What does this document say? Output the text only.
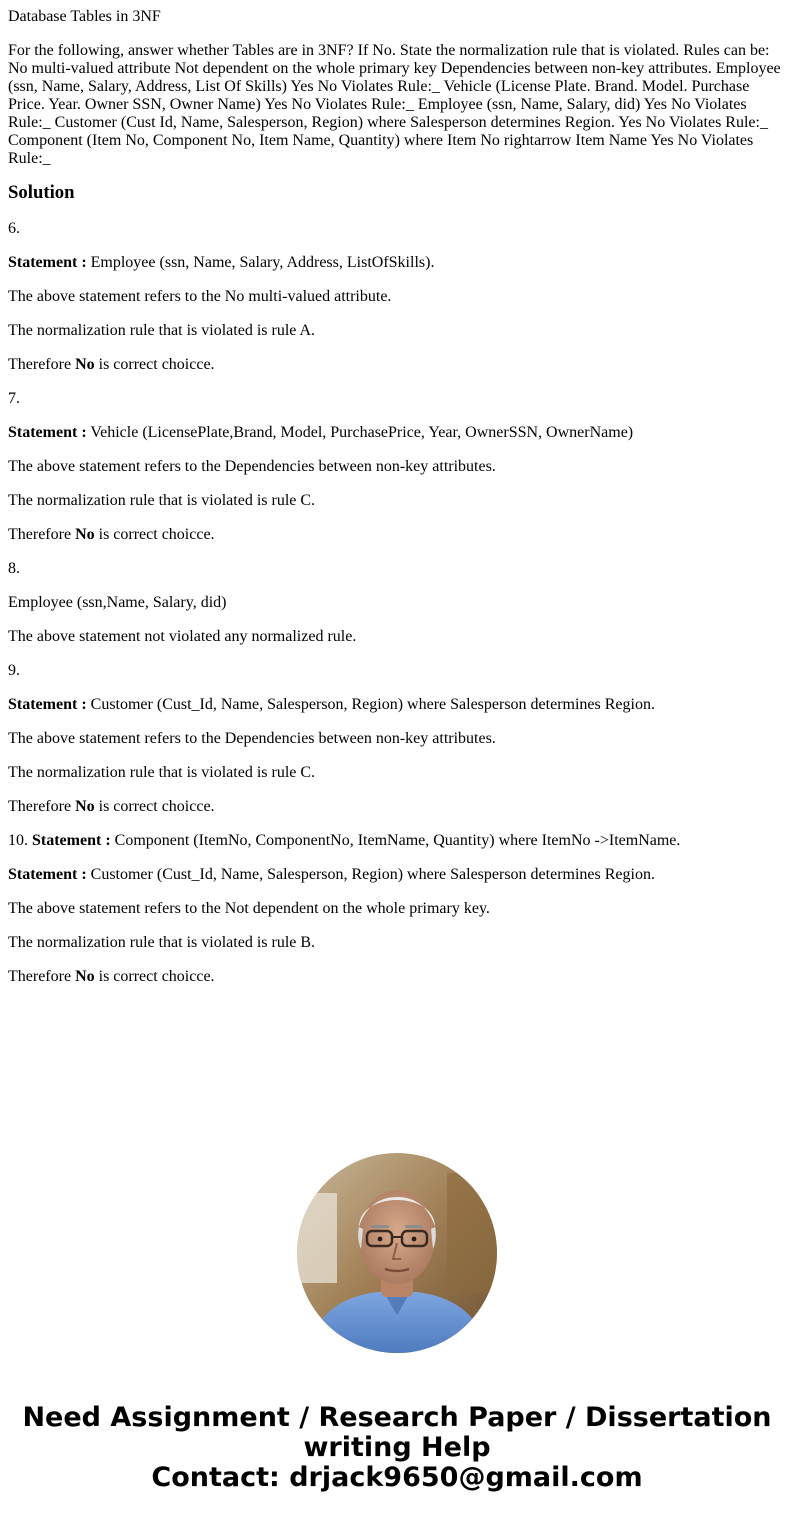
Database Tables in 3NF

For the following, answer whether Tables are in 3NF? If No. State the normalization rule that is violated. Rules can be: No multi-valued attribute Not dependent on the whole primary key Dependencies between non-key attributes. Employee (ssn, Name, Salary, Address, List Of Skills) Yes No Violates Rule:_ Vehicle (License Plate. Brand. Model. Purchase Price. Year. Owner SSN, Owner Name) Yes No Violates Rule:_ Employee (ssn, Name, Salary, did) Yes No Violates Rule:_ Customer (Cust Id, Name, Salesperson, Region) where Salesperson determines Region. Yes No Violates Rule:_ Component (Item No, Component No, Item Name, Quantity) where Item No rightarrow Item Name Yes No Violates Rule:_

Solution

6.

Statement : Employee (ssn, Name, Salary, Address, ListOfSkills).

The above statement refers to the No multi-valued attribute.

The normalization rule that is violated is rule A.

Therefore No is correct choicce.

7.

Statement : Vehicle (LicensePlate,Brand, Model, PurchasePrice, Year, OwnerSSN, OwnerName)

The above statement refers to the Dependencies between non-key attributes.

The normalization rule that is violated is rule C.

Therefore No is correct choicce.

8.

Employee (ssn,Name, Salary, did)

The above statement not violated any normalized rule.

9.

Statement : Customer (Cust_Id, Name, Salesperson, Region) where Salesperson determines Region.

The above statement refers to the Dependencies between non-key attributes.

The normalization rule that is violated is rule C.

Therefore No is correct choicce.

10. Statement : Component (ItemNo, ComponentNo, ItemName, Quantity) where ItemNo ->ItemName.

Statement : Customer (Cust_Id, Name, Salesperson, Region) where Salesperson determines Region.

The above statement refers to the Not dependent on the whole primary key.

The normalization rule that is violated is rule B.

Therefore No is correct choicce.

Need Assignment / Research Paper / Dissertation
writing Help
Contact: drjack9650@gmail.com
